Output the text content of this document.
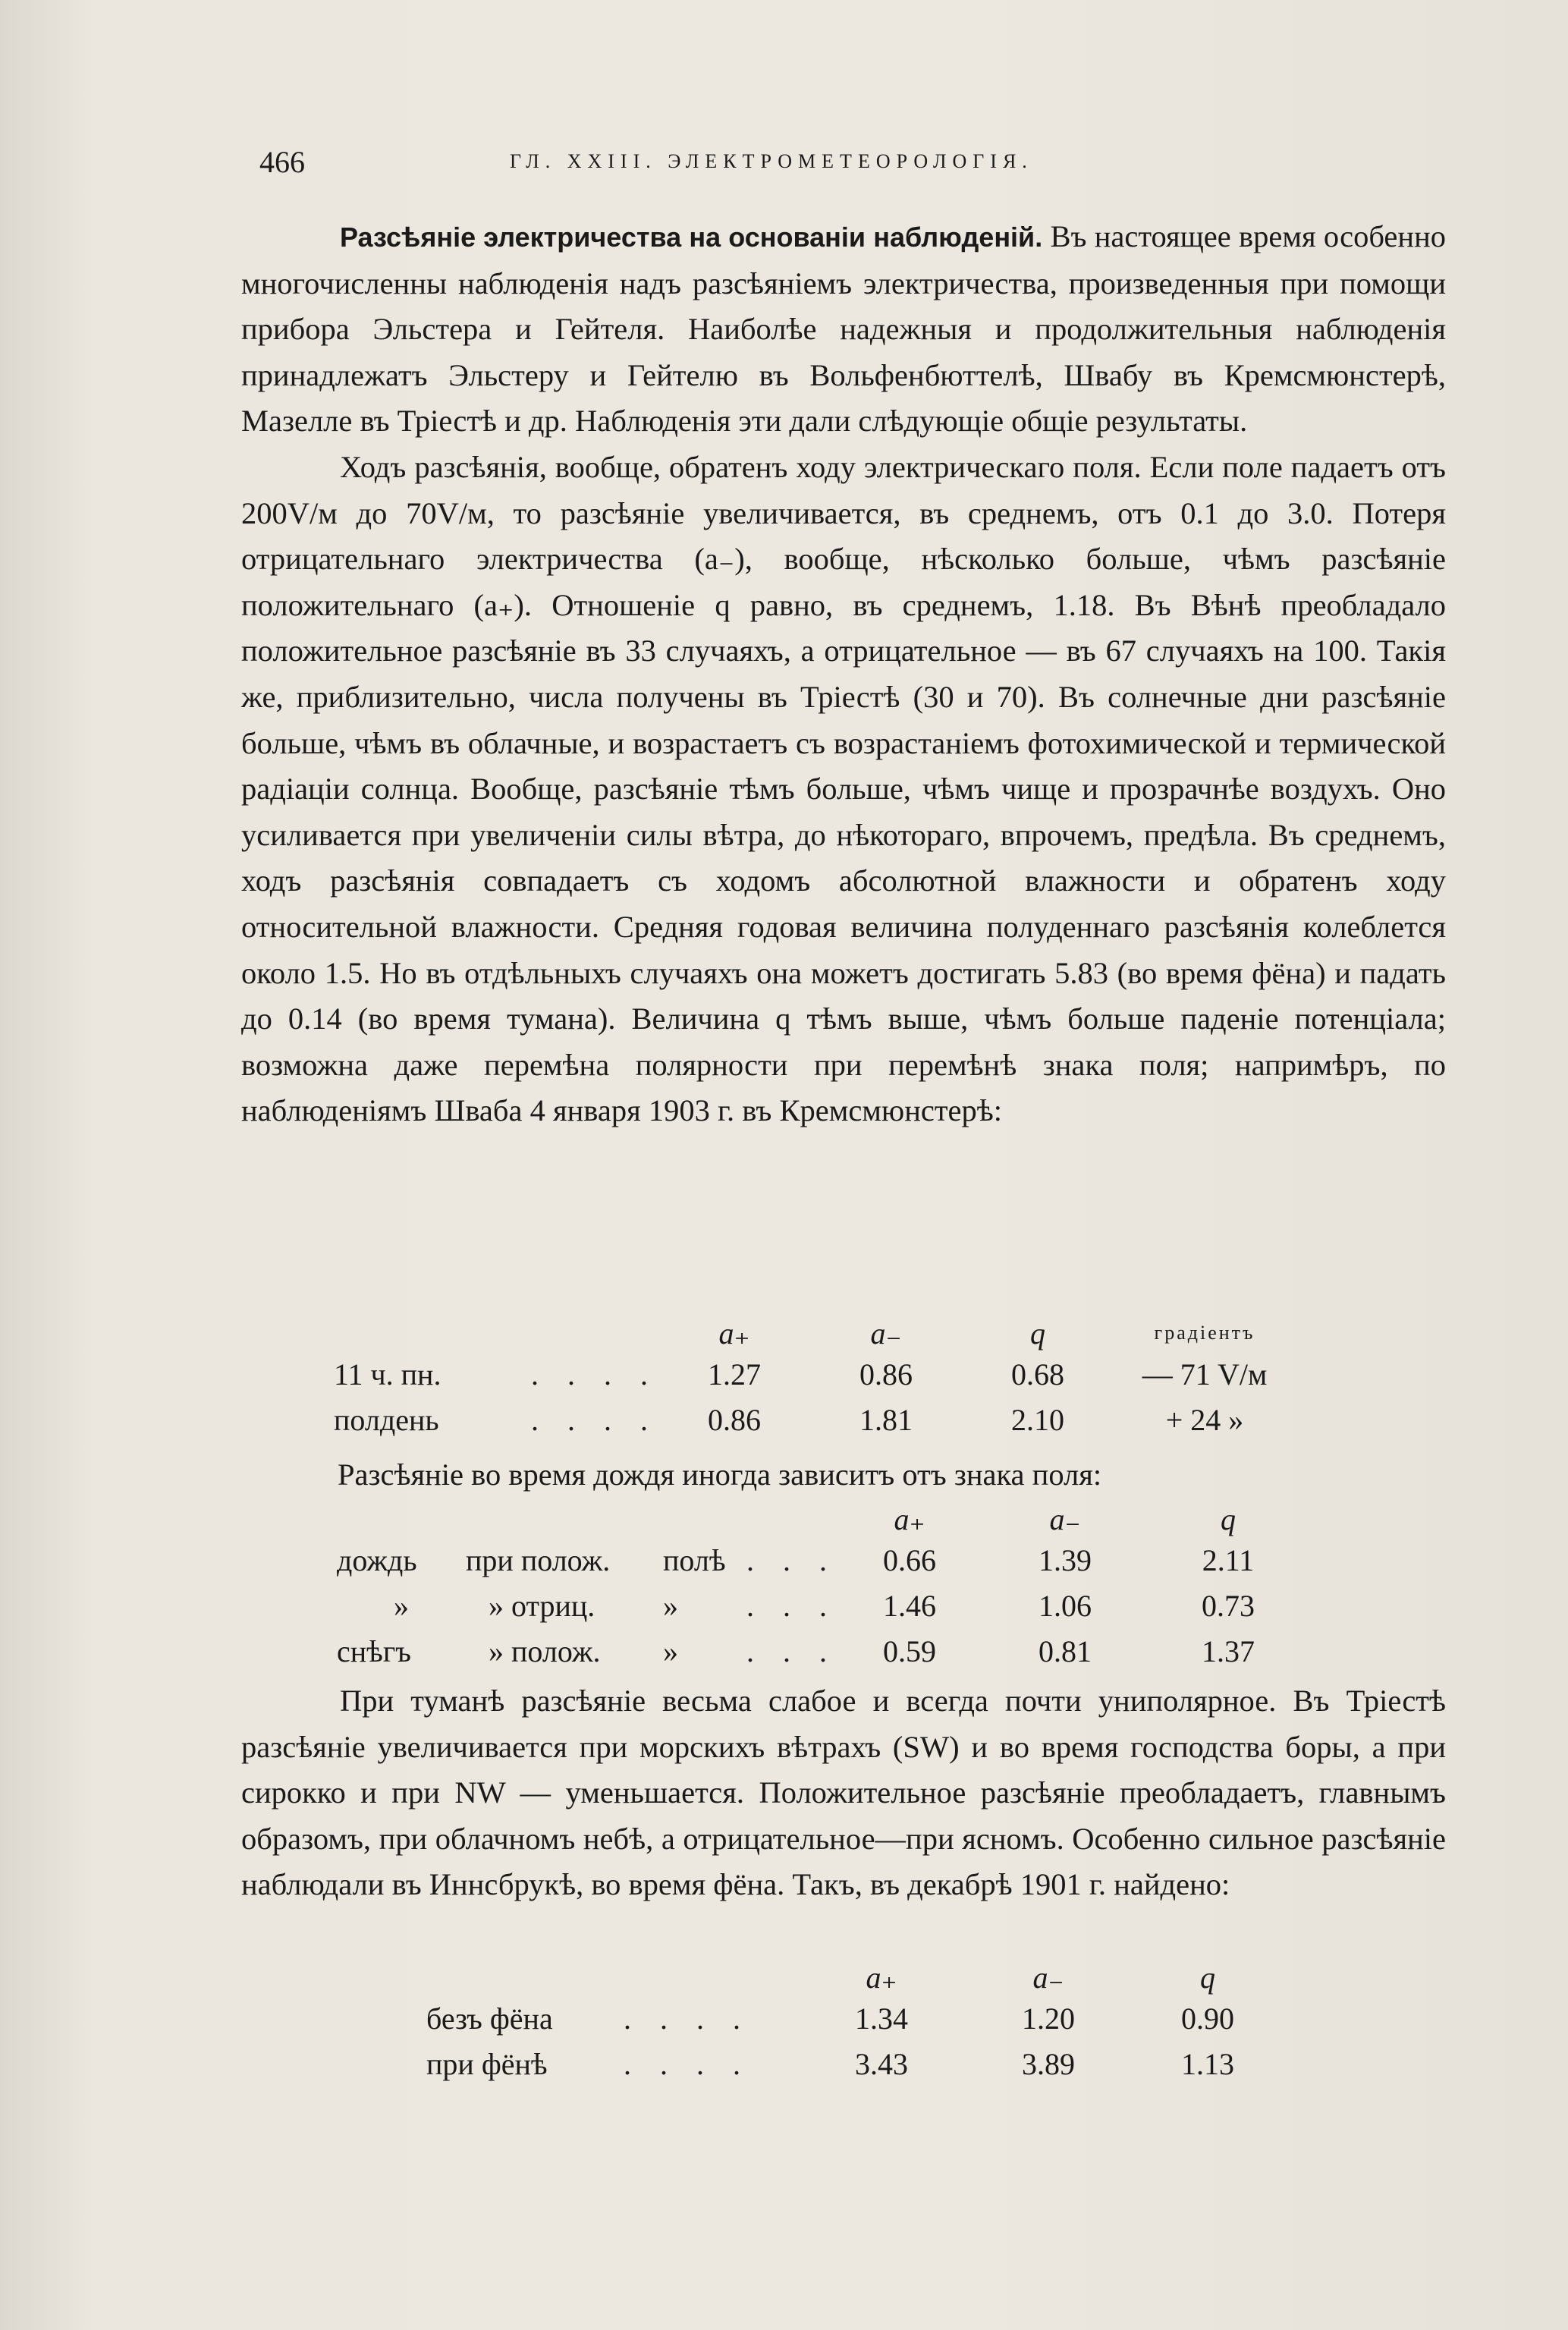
466	ГЛ. XXIII. ЭЛЕКТРОМЕТЕОРОЛОГІЯ.

Разсѣяніе электричества на основаніи наблюденій. Въ настоящее время особенно многочисленны наблюденія надъ разсѣяніемъ электричества, произведенныя при помощи прибора Эльстера и Гейтеля. Наиболѣе надежныя и продолжительныя наблюденія принадлежатъ Эльстеру и Гейтелю въ Вольфенбюттелѣ, Швабу въ Кремсмюнстерѣ, Мазелле въ Тріестѣ и др. Наблюденія эти дали слѣдующіе общіе результаты.

Ходъ разсѣянія, вообще, обратенъ ходу электрическаго поля. Если поле падаетъ отъ 200V/м до 70V/м, то разсѣяніе увеличивается, въ среднемъ, отъ 0.1 до 3.0. Потеря отрицательнаго электричества (a₋), вообще, нѣсколько больше, чѣмъ разсѣяніе положительнаго (a₊). Отношеніе q равно, въ среднемъ, 1.18. Въ Вѣнѣ преобладало положительное разсѣяніе въ 33 случаяхъ, а отрицательное — въ 67 случаяхъ на 100. Такія же, приблизительно, числа получены въ Тріестѣ (30 и 70). Въ солнечные дни разсѣяніе больше, чѣмъ въ облачные, и возрастаетъ съ возрастаніемъ фотохимической и термической радіаціи солнца. Вообще, разсѣяніе тѣмъ больше, чѣмъ чище и прозрачнѣе воздухъ. Оно усиливается при увеличеніи силы вѣтра, до нѣкотораго, впрочемъ, предѣла. Въ среднемъ, ходъ разсѣянія совпадаетъ съ ходомъ абсолютной влажности и обратенъ ходу относительной влажности. Средняя годовая величина полуденнаго разсѣянія колеблется около 1.5. Но въ отдѣльныхъ случаяхъ она можетъ достигать 5.83 (во время фёна) и падать до 0.14 (во время тумана). Величина q тѣмъ выше, чѣмъ больше паденіе потенціала; возможна даже перемѣна полярности при перемѣнѣ знака поля; напримѣръ, по наблюденіямъ Шваба 4 января 1903 г. въ Кремсмюнстерѣ:

		a₊	a₋	q	градіентъ
11 ч. пн.	. . . .	1.27	0.86	0.68	— 71 V/м
полдень	. . . .	0.86	1.81	2.10	+ 24 »
Разсѣяніе во время дождя иногда зависитъ отъ знака поля:
				a₊	a₋	q
дождь	при полож.	полѣ	. . .	0.66	1.39	2.11
»	» отриц.	»	. . .	1.46	1.06	0.73
снѣгъ	» полож.	»	. . .	0.59	0.81	1.37

При туманѣ разсѣяніе весьма слабое и всегда почти униполярное. Въ Тріестѣ разсѣяніе увеличивается при морскихъ вѣтрахъ (SW) и во время господства боры, а при сирокко и при NW — уменьшается. Положительное разсѣяніе преобладаетъ, главнымъ образомъ, при облачномъ небѣ, а отрицательное—при ясномъ. Особенно сильное разсѣяніе наблюдали въ Иннсбрукѣ, во время фёна. Такъ, въ декабрѣ 1901 г. найдено:

		a₊	a₋	q
безъ фёна	. . . .	1.34	1.20	0.90
при фёнѣ	. . . .	3.43	3.89	1.13
